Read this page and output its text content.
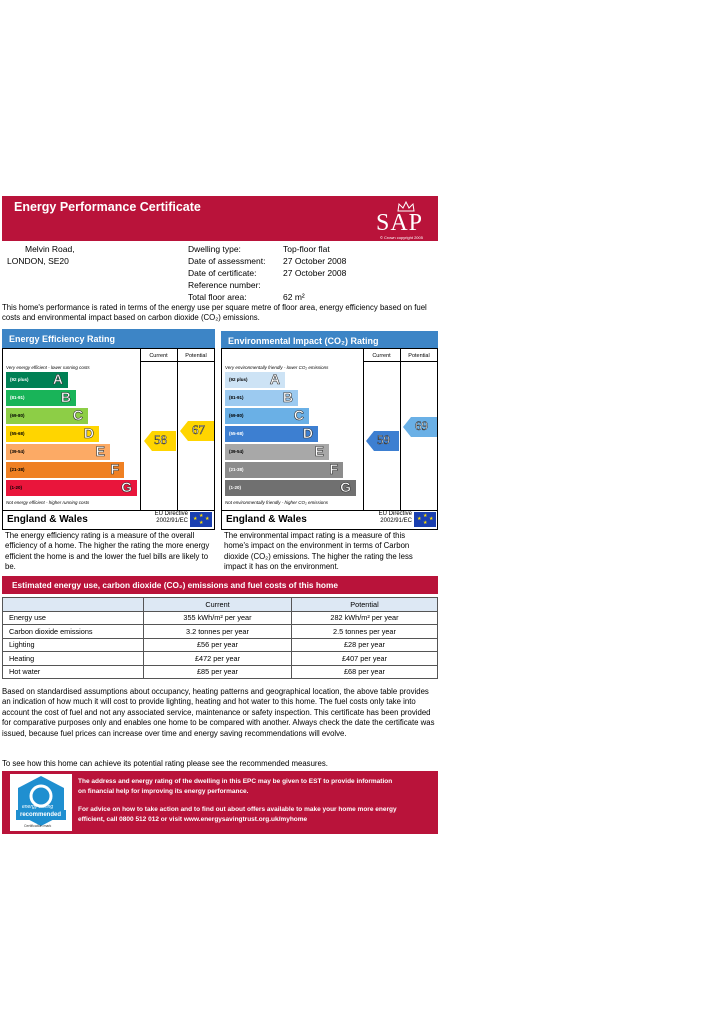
Energy Performance Certificate
SAP
© Crown copyright 2005
Melvin Road,
LONDON, SE20
Dwelling type:	Top-floor flat
Date of assessment: 27 October 2008
Date of certificate:	27 October 2008
Reference number:
Total floor area:	62 m²
This home's performance is rated in terms of the energy use per square metre of floor area, energy efficiency based on fuel costs and environmental impact based on carbon dioxide (CO₂) emissions.
Energy Efficiency Rating
Current	Potential
Very energy efficient - lower running costs
(92 plus) A
(81-91)	B
(69-80)	C
(55-68)	D
(39-54)	E
(21-38)	F
(1-20)	G
Not energy efficient - higher running costs
58
67
England & Wales	EU Directive
2002/91/EC
★
★ ★
★
The energy efficiency rating is a measure of the overall efficiency of a home. The higher the rating the more energy efficient the home is and the lower the fuel bills are likely to be.
Environmental Impact (CO₂) Rating
Current	Potential
Very environmentally friendly - lower CO₂ emissions
(92 plus) A
(81-91)	B
(69-80)	C
(55-68)	D
(39-54)	E
(21-38)	F
(1-20)	G
Not environmentally friendly - higher CO₂ emissions
59
69
England & Wales	EU Directive
2002/91/EC
★
★ ★
★
The environmental impact rating is a measure of this home's impact on the environment in terms of Carbon dioxide (CO₂) emissions. The higher the rating the less impact it has on the environment.
Estimated energy use, carbon dioxide (CO₂) emissions and fuel costs of this home
	Current	Potential
Energy use	355 kWh/m² per year	282 kWh/m² per year
Carbon dioxide emissions	3.2 tonnes per year	2.5 tonnes per year
Lighting	£56 per year	£28 per year
Heating	£472 per year	£407 per year
Hot water	£85 per year	£68 per year
Based on standardised assumptions about occupancy, heating patterns and geographical location, the above table provides an indication of how much it will cost to provide lighting, heating and hot water to this home. The fuel costs only take into account the cost of fuel and not any associated service, maintenance or safety inspection. This certificate has been provided for comparative purposes only and enables one home to be compared with another. Always check the date the certificate was issued, because fuel prices can increase over time and energy saving recommendations will evolve.
To see how this home can achieve its potential rating please see the recommended measures.
energy saving
recommended
Certification mark
The address and energy rating of the dwelling in this EPC may be given to EST to provide information on financial help for improving its energy performance.
For advice on how to take action and to find out about offers available to make your home more energy efficient, call 0800 512 012 or visit www.energysavingtrust.org.uk/myhome
